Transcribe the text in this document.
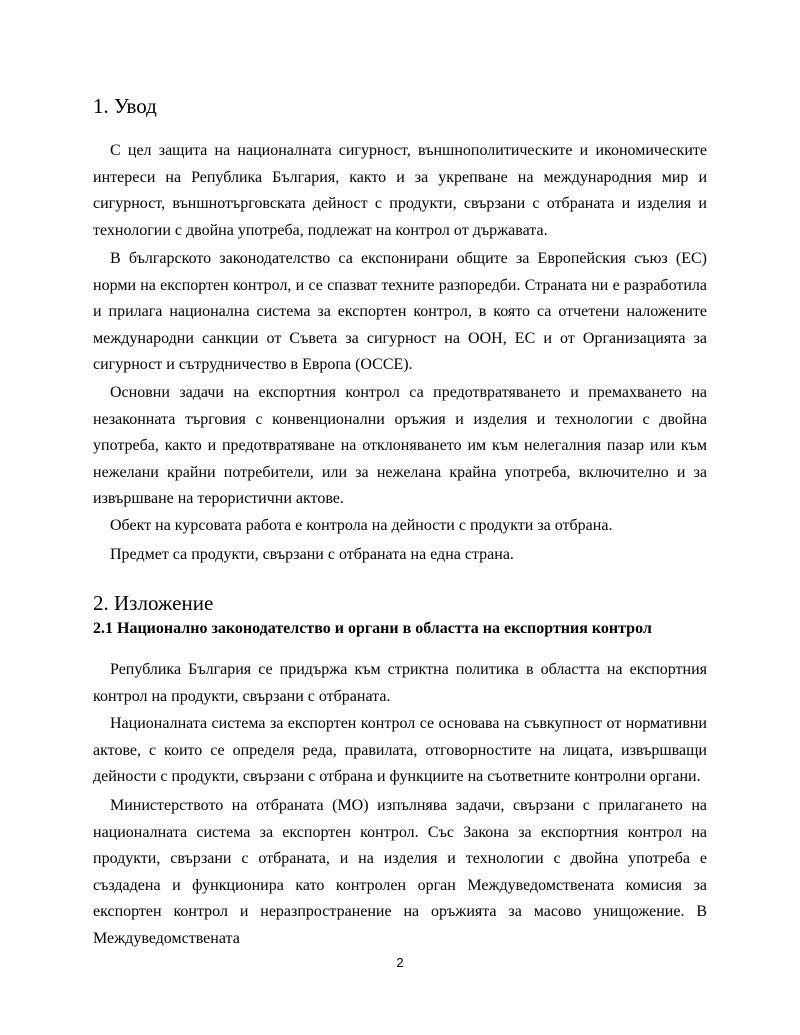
1. Увод

С цел защита на националната сигурност, външнополитическите и икономическите интереси на Република България, както и за укрепване на международния мир и сигурност, външнотърговската дейност с продукти, свързани с отбраната и изделия и технологии с двойна употреба, подлежат на контрол от държавата.

В българското законодателство са експонирани общите за Европейския съюз (ЕС) норми на експортен контрол, и се спазват техните разпоредби. Страната ни е разработила и прилага национална система за експортен контрол, в която са отчетени наложените международни санкции от Съвета за сигурност на ООН, ЕС и от Организацията за сигурност и сътрудничество в Европа (ОССЕ).

Основни задачи на експортния контрол са предотвратяването и премахването на незаконната търговия с конвенционални оръжия и изделия и технологии с двойна употреба, както и предотвратяване на отклоняването им към нелегалния пазар или към нежелани крайни потребители, или за нежелана крайна употреба, включително и за извършване на терористични актове.

Обект на курсовата работа е контрола на дейности с продукти за отбрана.

Предмет са продукти, свързани с отбраната на една страна.

2. Изложение
2.1 Национално законодателство и органи в областта на експортния контрол

Република България се придържа към стриктна политика в областта на експортния контрол на продукти, свързани с отбраната.

Националната система за експортен контрол се основава на съвкупност от нормативни актове, с които се определя реда, правилата, отговорностите на лицата, извършващи дейности с продукти, свързани с отбрана и функциите на съответните контролни органи.

Министерството на отбраната (МО) изпълнява задачи, свързани с прилагането на националната система за експортен контрол. Със Закона за експортния контрол на продукти, свързани с отбраната, и на изделия и технологии с двойна употреба е създадена и функционира като контролен орган Междуведомствената комисия за експортен контрол и неразпространение на оръжията за масово унищожение. В Междуведомствената

2
